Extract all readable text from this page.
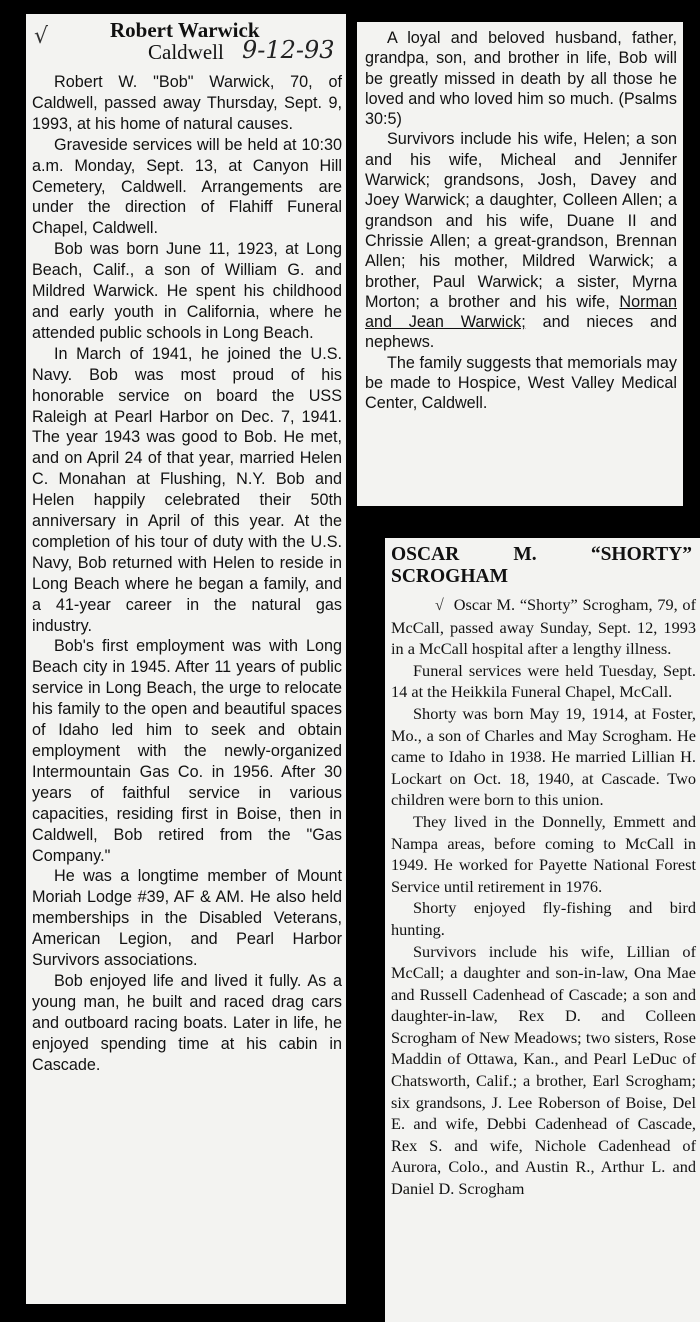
√	Robert Warwick
Caldwell 9-12-93

Robert W. "Bob" Warwick, 70, of Caldwell, passed away Thursday, Sept. 9, 1993, at his home of natural causes.

Graveside services will be held at 10:30 a.m. Monday, Sept. 13, at Canyon Hill Cemetery, Caldwell. Arrangements are under the direction of Flahiff Funeral Chapel, Caldwell.

Bob was born June 11, 1923, at Long Beach, Calif., a son of William G. and Mildred Warwick. He spent his childhood and early youth in California, where he attended public schools in Long Beach.

In March of 1941, he joined the U.S. Navy. Bob was most proud of his honorable service on board the USS Raleigh at Pearl Harbor on Dec. 7, 1941. The year 1943 was good to Bob. He met, and on April 24 of that year, married Helen C. Monahan at Flushing, N.Y. Bob and Helen happily celebrated their 50th anniversary in April of this year. At the completion of his tour of duty with the U.S. Navy, Bob returned with Helen to reside in Long Beach where he began a family, and a 41-year career in the natural gas industry.

Bob's first employment was with Long Beach city in 1945. After 11 years of public service in Long Beach, the urge to relocate his family to the open and beautiful spaces of Idaho led him to seek and obtain employment with the newly-organized Intermountain Gas Co. in 1956. After 30 years of faithful service in various capacities, residing first in Boise, then in Caldwell, Bob retired from the "Gas Company."

He was a longtime member of Mount Moriah Lodge #39, AF & AM. He also held memberships in the Disabled Veterans, American Legion, and Pearl Harbor Survivors associations.

Bob enjoyed life and lived it fully. As a young man, he built and raced drag cars and outboard racing boats. Later in life, he enjoyed spending time at his cabin in Cascade.

A loyal and beloved husband, father, grandpa, son, and brother in life, Bob will be greatly missed in death by all those he loved and who loved him so much. (Psalms 30:5)

Survivors include his wife, Helen; a son and his wife, Micheal and Jennifer Warwick; grandsons, Josh, Davey and Joey Warwick; a daughter, Colleen Allen; a grandson and his wife, Duane II and Chrissie Allen; a great-grandson, Brennan Allen; his mother, Mildred Warwick; a brother, Paul Warwick; a sister, Myrna Morton; a brother and his wife, Norman and Jean Warwick; and nieces and nephews.

The family suggests that memorials may be made to Hospice, West Valley Medical Center, Caldwell.

OSCAR	M.	“SHORTY”
SCROGHAM

√ Oscar M. “Shorty” Scrogham, 79, of McCall, passed away Sunday, Sept. 12, 1993 in a McCall hospital after a lengthy illness.

Funeral services were held Tuesday, Sept. 14 at the Heikkila Funeral Chapel, McCall.

Shorty was born May 19, 1914, at Foster, Mo., a son of Charles and May Scrogham. He came to Idaho in 1938. He married Lillian H. Lockart on Oct. 18, 1940, at Cascade. Two children were born to this union.

They lived in the Donnelly, Emmett and Nampa areas, before coming to McCall in 1949. He worked for Payette National Forest Service until retirement in 1976.

Shorty enjoyed fly-fishing and bird hunting.

Survivors include his wife, Lillian of McCall; a daughter and son-in-law, Ona Mae and Russell Cadenhead of Cascade; a son and daughter-in-law, Rex D. and Colleen Scrogham of New Meadows; two sisters, Rose Maddin of Ottawa, Kan., and Pearl LeDuc of Chatsworth, Calif.; a brother, Earl Scrogham; six grandsons, J. Lee Roberson of Boise, Del E. and wife, Debbi Cadenhead of Cascade, Rex S. and wife, Nichole Cadenhead of Aurora, Colo., and Austin R., Arthur L. and Daniel D. Scrogham
